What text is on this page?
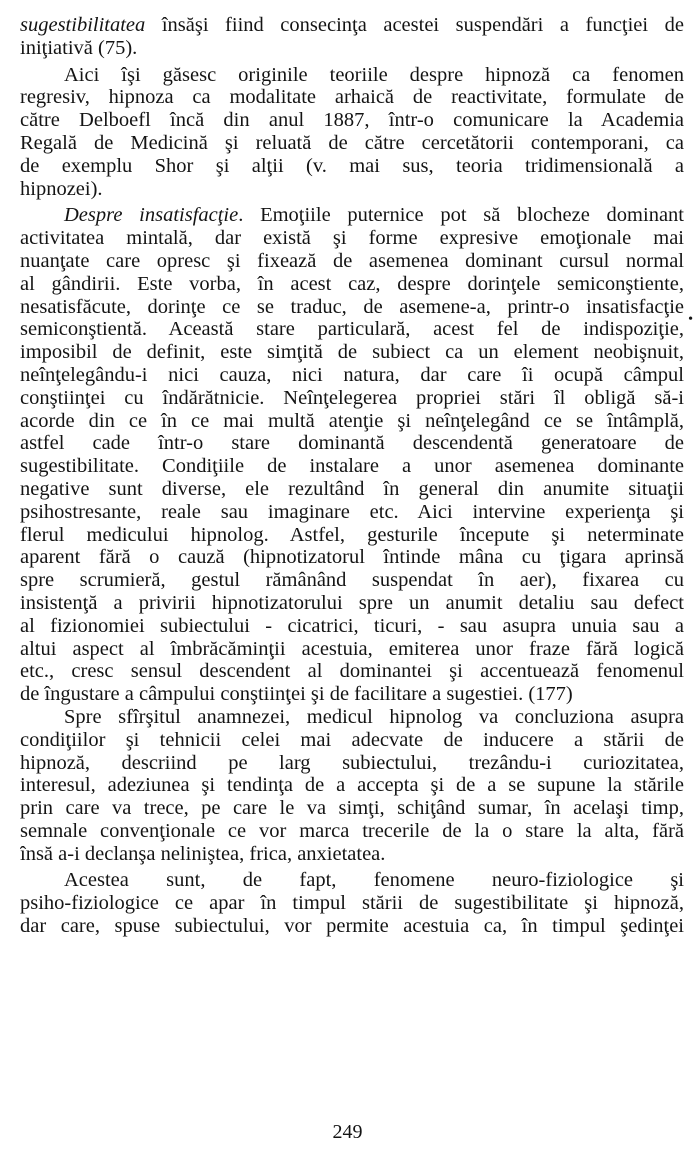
sugestibilitatea însăşi fiind consecinţa acestei suspendări a funcţiei de
iniţiativă (75).

Aici îşi găsesc originile teoriile despre hipnoză ca fenomen
regresiv, hipnoza ca modalitate arhaică de reactivitate, formulate de
către Delboefl încă din anul 1887, într-o comunicare la Academia
Regală de Medicină şi reluată de către cercetătorii contemporani, ca
de exemplu Shor şi alţii (v. mai sus, teoria tridimensională a
hipnozei).

Despre insatisfacţie. Emoţiile puternice pot să blocheze dominant
activitatea mintală, dar există şi forme expresive emoţionale mai
nuanţate care opresc şi fixează de asemenea dominant cursul normal
al gândirii. Este vorba, în acest caz, despre dorinţele semiconştiente,
nesatisfăcute, dorinţe ce se traduc, de asemene-a, printr-o insatisfacţie
semiconştientă. Această stare particulară, acest fel de indispoziţie,
imposibil de definit, este simţită de subiect ca un element neobişnuit,
neînţelegându-i nici cauza, nici natura, dar care îi ocupă câmpul
conştiinţei cu îndărătnicie. Neînţelegerea propriei stări îl obligă să-i
acorde din ce în ce mai multă atenţie şi neînţelegând ce se întâmplă,
astfel cade într-o stare dominantă descendentă generatoare de
sugestibilitate. Condiţiile de instalare a unor asemenea dominante
negative sunt diverse, ele rezultând în general din anumite situaţii
psihostresante, reale sau imaginare etc. Aici intervine experienţa şi
flerul medicului hipnolog. Astfel, gesturile începute şi neterminate
aparent fără o cauză (hipnotizatorul întinde mâna cu ţigara aprinsă
spre scrumieră, gestul rămânând suspendat în aer), fixarea cu
insistenţă a privirii hipnotizatorului spre un anumit detaliu sau defect
al fizionomiei subiectului - cicatrici, ticuri, - sau asupra unuia sau a
altui aspect al îmbrăcăminţii acestuia, emiterea unor fraze fără logică
etc., cresc sensul descendent al dominantei şi accentuează fenomenul
de îngustare a câmpului conştiinţei şi de facilitare a sugestiei. (177)

Spre sfîrşitul anamnezei, medicul hipnolog va concluziona asupra
condiţiilor şi tehnicii celei mai adecvate de inducere a stării de
hipnoză, descriind pe larg subiectului, trezându-i curiozitatea,
interesul, adeziunea şi tendinţa de a accepta şi de a se supune la stările
prin care va trece, pe care le va simţi, schiţând sumar, în acelaşi timp,
semnale convenţionale ce vor marca trecerile de la o stare la alta, fără
însă a-i declanşa neliniştea, frica, anxietatea.

Acestea sunt, de fapt, fenomene neuro-fiziologice şi
psiho-fiziologice ce apar în timpul stării de sugestibilitate şi hipnoză,
dar care, spuse subiectului, vor permite acestuia ca, în timpul şedinţei

•
249
